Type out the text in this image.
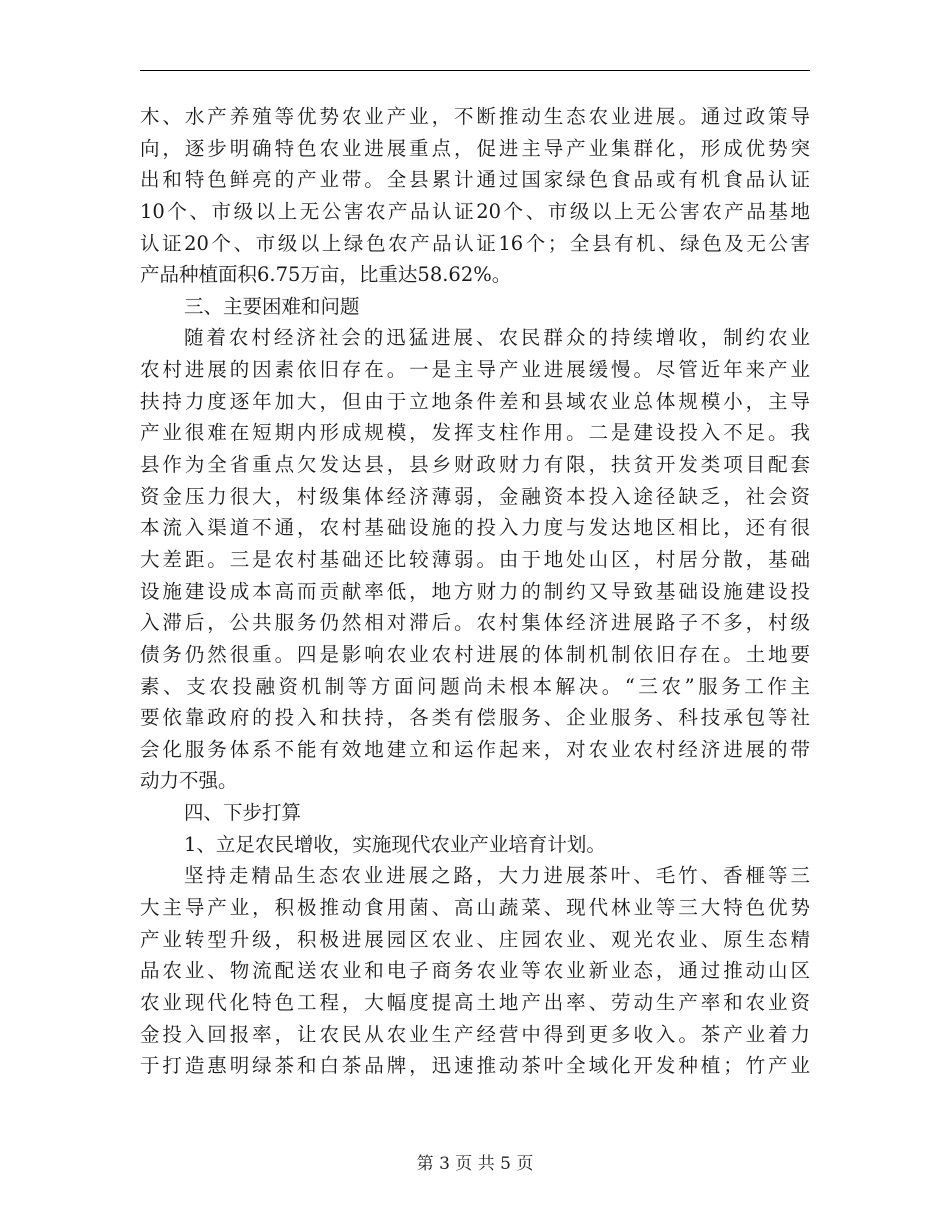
木、水产养殖等优势农业产业，不断推动生态农业进展。通过政策导
向，逐步明确特色农业进展重点，促进主导产业集群化，形成优势突
出和特色鲜亮的产业带。全县累计通过国家绿色食品或有机食品认证
10个、市级以上无公害农产品认证20个、市级以上无公害农产品基地
认证20个、市级以上绿色农产品认证16个；全县有机、绿色及无公害
产品种植面积6.75万亩，比重达58.62%。
三、主要困难和问题
随着农村经济社会的迅猛进展、农民群众的持续增收，制约农业
农村进展的因素依旧存在。一是主导产业进展缓慢。尽管近年来产业
扶持力度逐年加大，但由于立地条件差和县域农业总体规模小，主导
产业很难在短期内形成规模，发挥支柱作用。二是建设投入不足。我
县作为全省重点欠发达县，县乡财政财力有限，扶贫开发类项目配套
资金压力很大，村级集体经济薄弱，金融资本投入途径缺乏，社会资
本流入渠道不通，农村基础设施的投入力度与发达地区相比，还有很
大差距。三是农村基础还比较薄弱。由于地处山区，村居分散，基础
设施建设成本高而贡献率低，地方财力的制约又导致基础设施建设投
入滞后，公共服务仍然相对滞后。农村集体经济进展路子不多，村级
债务仍然很重。四是影响农业农村进展的体制机制依旧存在。土地要
素、支农投融资机制等方面问题尚未根本解决。“三农”服务工作主
要依靠政府的投入和扶持，各类有偿服务、企业服务、科技承包等社
会化服务体系不能有效地建立和运作起来，对农业农村经济进展的带
动力不强。
四、下步打算
1、立足农民增收，实施现代农业产业培育计划。
坚持走精品生态农业进展之路，大力进展茶叶、毛竹、香榧等三
大主导产业，积极推动食用菌、高山蔬菜、现代林业等三大特色优势
产业转型升级，积极进展园区农业、庄园农业、观光农业、原生态精
品农业、物流配送农业和电子商务农业等农业新业态，通过推动山区
农业现代化特色工程，大幅度提高土地产出率、劳动生产率和农业资
金投入回报率，让农民从农业生产经营中得到更多收入。茶产业着力
于打造惠明绿茶和白茶品牌，迅速推动茶叶全域化开发种植；竹产业
第 3 页 共 5 页
